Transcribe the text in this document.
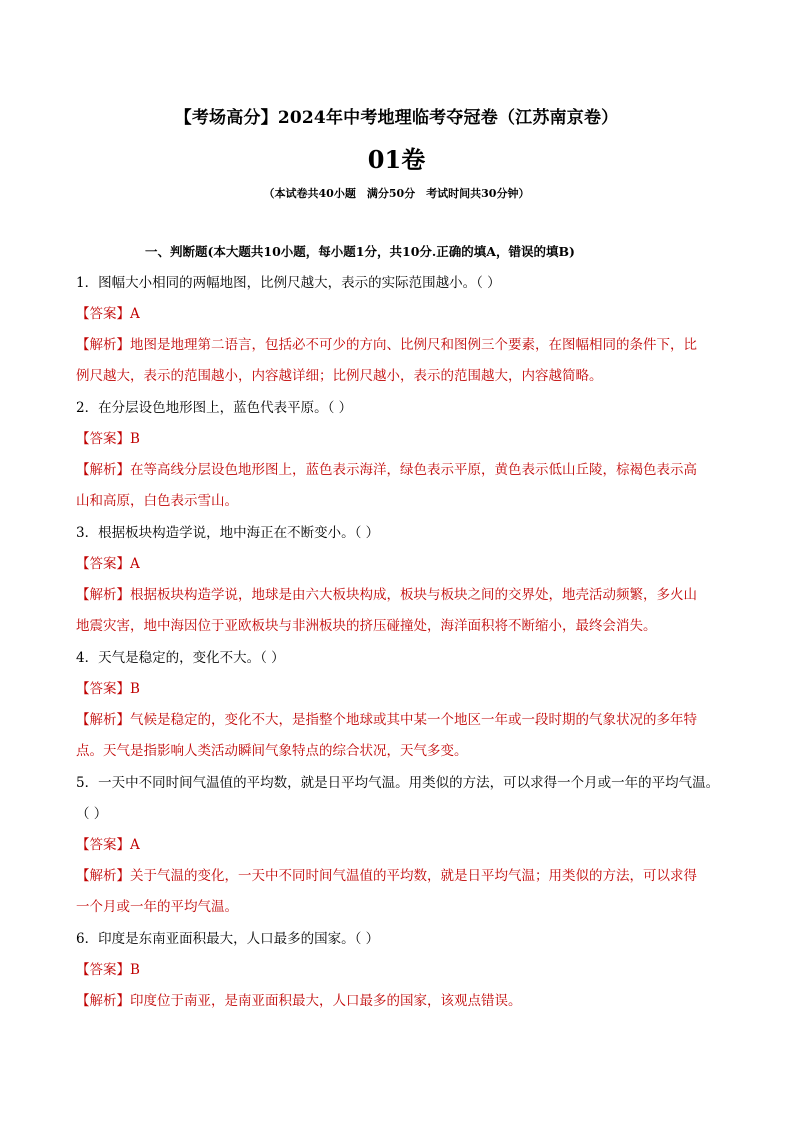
【考场高分】2024年中考地理临考夺冠卷（江苏南京卷）
01卷
（本试卷共40小题　满分50分　考试时间共30分钟）
一、判断题(本大题共10小题，每小题1分，共10分.正确的填A，错误的填B)
1．图幅大小相同的两幅地图，比例尺越大，表示的实际范围越小。（ ）
【答案】A
【解析】地图是地理第二语言，包括必不可少的方向、比例尺和图例三个要素，在图幅相同的条件下，比
例尺越大，表示的范围越小，内容越详细；比例尺越小，表示的范围越大，内容越简略。
2．在分层设色地形图上，蓝色代表平原。（ ）
【答案】B
【解析】在等高线分层设色地形图上，蓝色表示海洋，绿色表示平原，黄色表示低山丘陵，棕褐色表示高
山和高原，白色表示雪山。
3．根据板块构造学说，地中海正在不断变小。（ ）
【答案】A
【解析】根据板块构造学说，地球是由六大板块构成，板块与板块之间的交界处，地壳活动频繁，多火山
地震灾害，地中海因位于亚欧板块与非洲板块的挤压碰撞处，海洋面积将不断缩小，最终会消失。
4．天气是稳定的，变化不大。（ ）
【答案】B
【解析】气候是稳定的，变化不大，是指整个地球或其中某一个地区一年或一段时期的气象状况的多年特
点。天气是指影响人类活动瞬间气象特点的综合状况，天气多变。
5．一天中不同时间气温值的平均数，就是日平均气温。用类似的方法，可以求得一个月或一年的平均气温。
（ ）
【答案】A
【解析】关于气温的变化，一天中不同时间气温值的平均数，就是日平均气温；用类似的方法，可以求得
一个月或一年的平均气温。
6．印度是东南亚面积最大，人口最多的国家。（ ）
【答案】B
【解析】印度位于南亚，是南亚面积最大，人口最多的国家，该观点错误。
